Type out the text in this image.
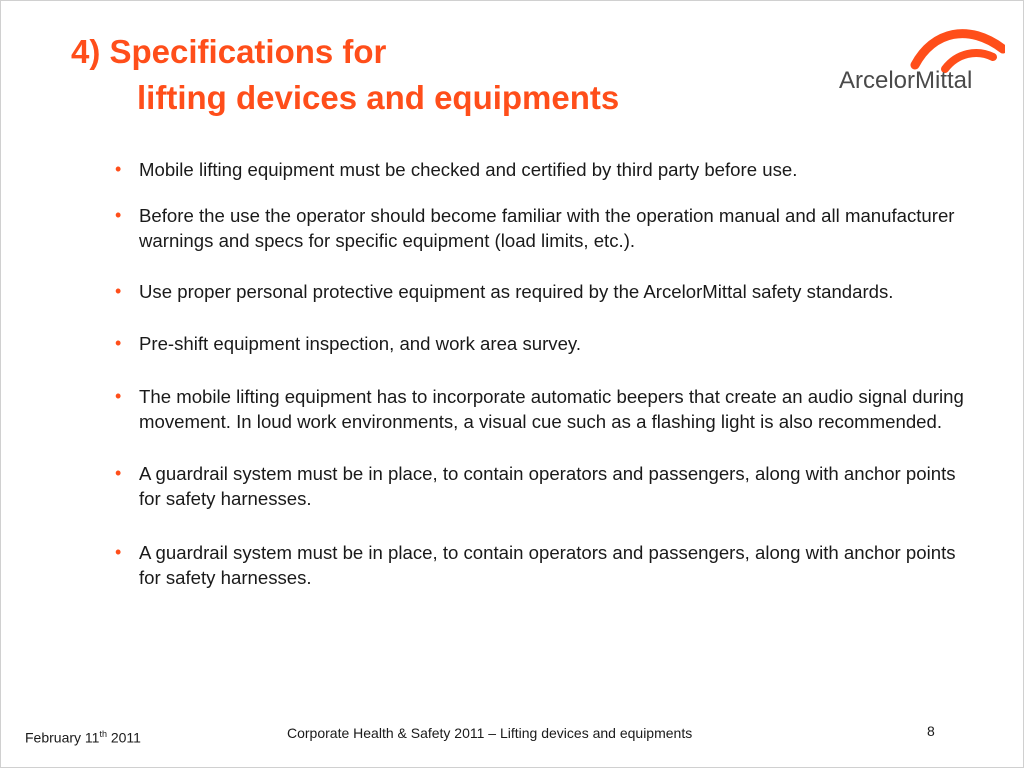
4) Specifications for
lifting devices and equipments	ArcelorMittal
• Mobile lifting equipment must be checked and certified by third party before use.
• Before the use the operator should become familiar with the operation manual and all manufacturer warnings and specs for specific equipment (load limits, etc.).
• Use proper personal protective equipment as required by the ArcelorMittal safety standards.
• Pre-shift equipment inspection, and work area survey.
• The mobile lifting equipment has to incorporate automatic beepers that create an audio signal during movement. In loud work environments, a visual cue such as a flashing light is also recommended.
• A guardrail system must be in place, to contain operators and passengers, along with anchor points for safety harnesses.
• A guardrail system must be in place, to contain operators and passengers, along with anchor points for safety harnesses.
February 11th 2011	Corporate Health & Safety 2011 – Lifting devices and equipments	8
